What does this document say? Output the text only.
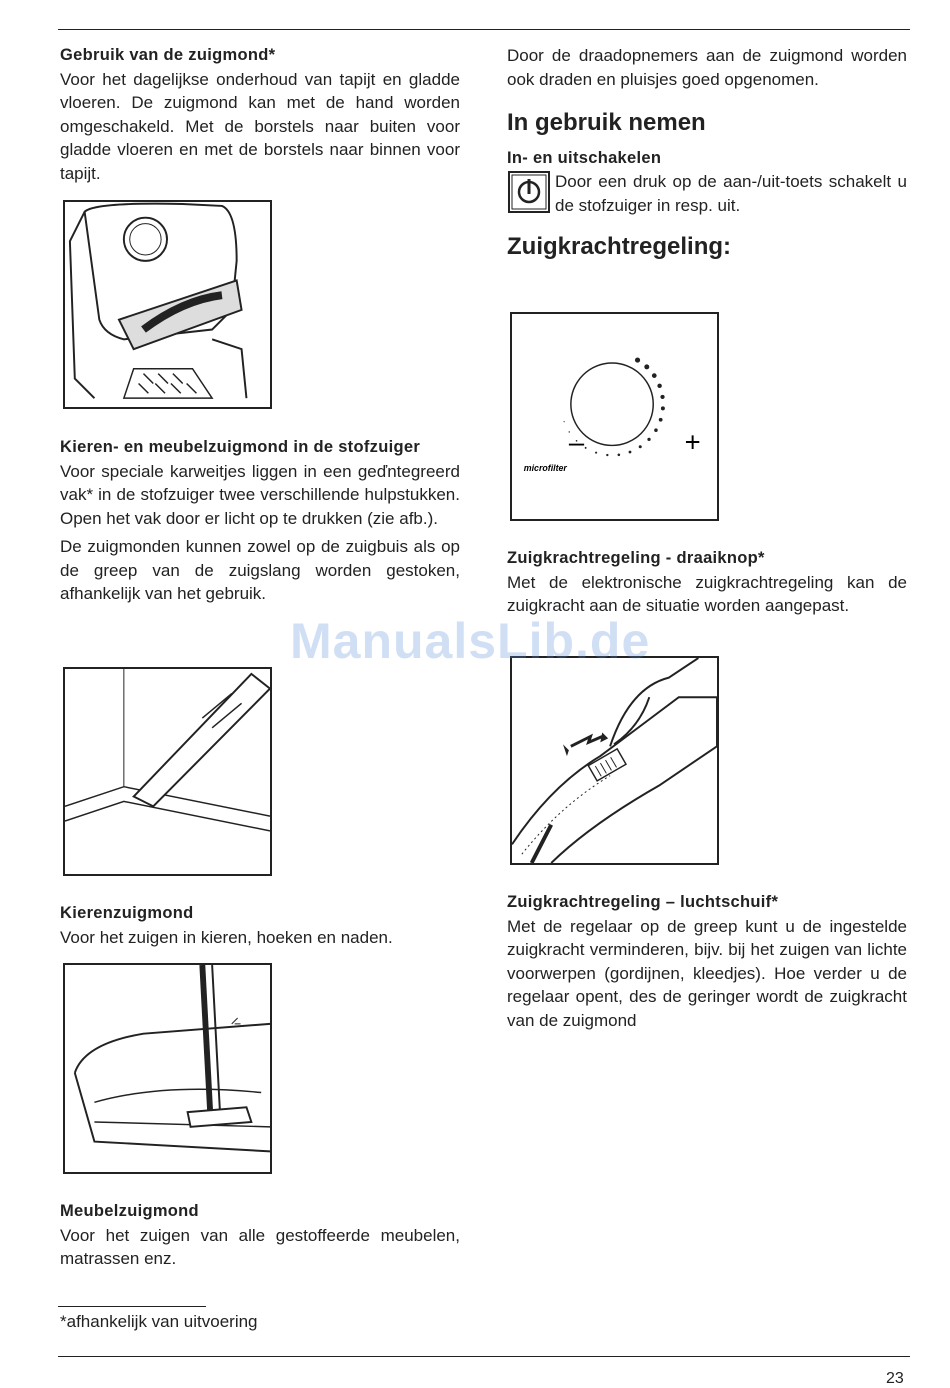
Gebruik van de zuigmond*

Voor het dagelijkse onderhoud van tapijt en gladde vloeren. De zuigmond kan met de hand worden omgeschakeld. Met de borstels naar buiten voor gladde vloeren en met de borstels naar binnen voor tapijt.

Kieren- en meubelzuigmond in de stofzuiger

Voor speciale karweitjes liggen in een geďntegreerd vak* in de stofzuiger twee verschillende hulpstukken. Open het vak door er licht op te drukken (zie afb.).

De zuigmonden kunnen zowel op de zuigbuis als op de greep van de zuigslang worden gestoken, afhankelijk van het gebruik.

Kierenzuigmond

Voor het zuigen in kieren, hoeken en naden.

Meubelzuigmond

Voor het zuigen van alle gestoffeerde meubelen, matrassen enz.

Door de draadopnemers aan de zuigmond worden ook draden en pluisjes goed opgenomen.

In gebruik nemen

In- en uitschakelen

Door een druk op de aan-/uit-toets schakelt u de stofzuiger in resp. uit.

Zuigkrachtregeling:

–	+
microfilter

Zuigkrachtregeling - draaiknop*

Met de elektronische zuigkrachtregeling kan de zuigkracht aan de situatie worden aangepast.

Zuigkrachtregeling – luchtschuif*

Met de regelaar op de greep kunt u de ingestelde zuigkracht verminderen, bijv. bij het zuigen van lichte voorwerpen (gordijnen, kleedjes). Hoe verder u de regelaar opent, des de geringer wordt de zuigkracht van de zuigmond

ManualsLib.de
*afhankelijk van uitvoering
23
